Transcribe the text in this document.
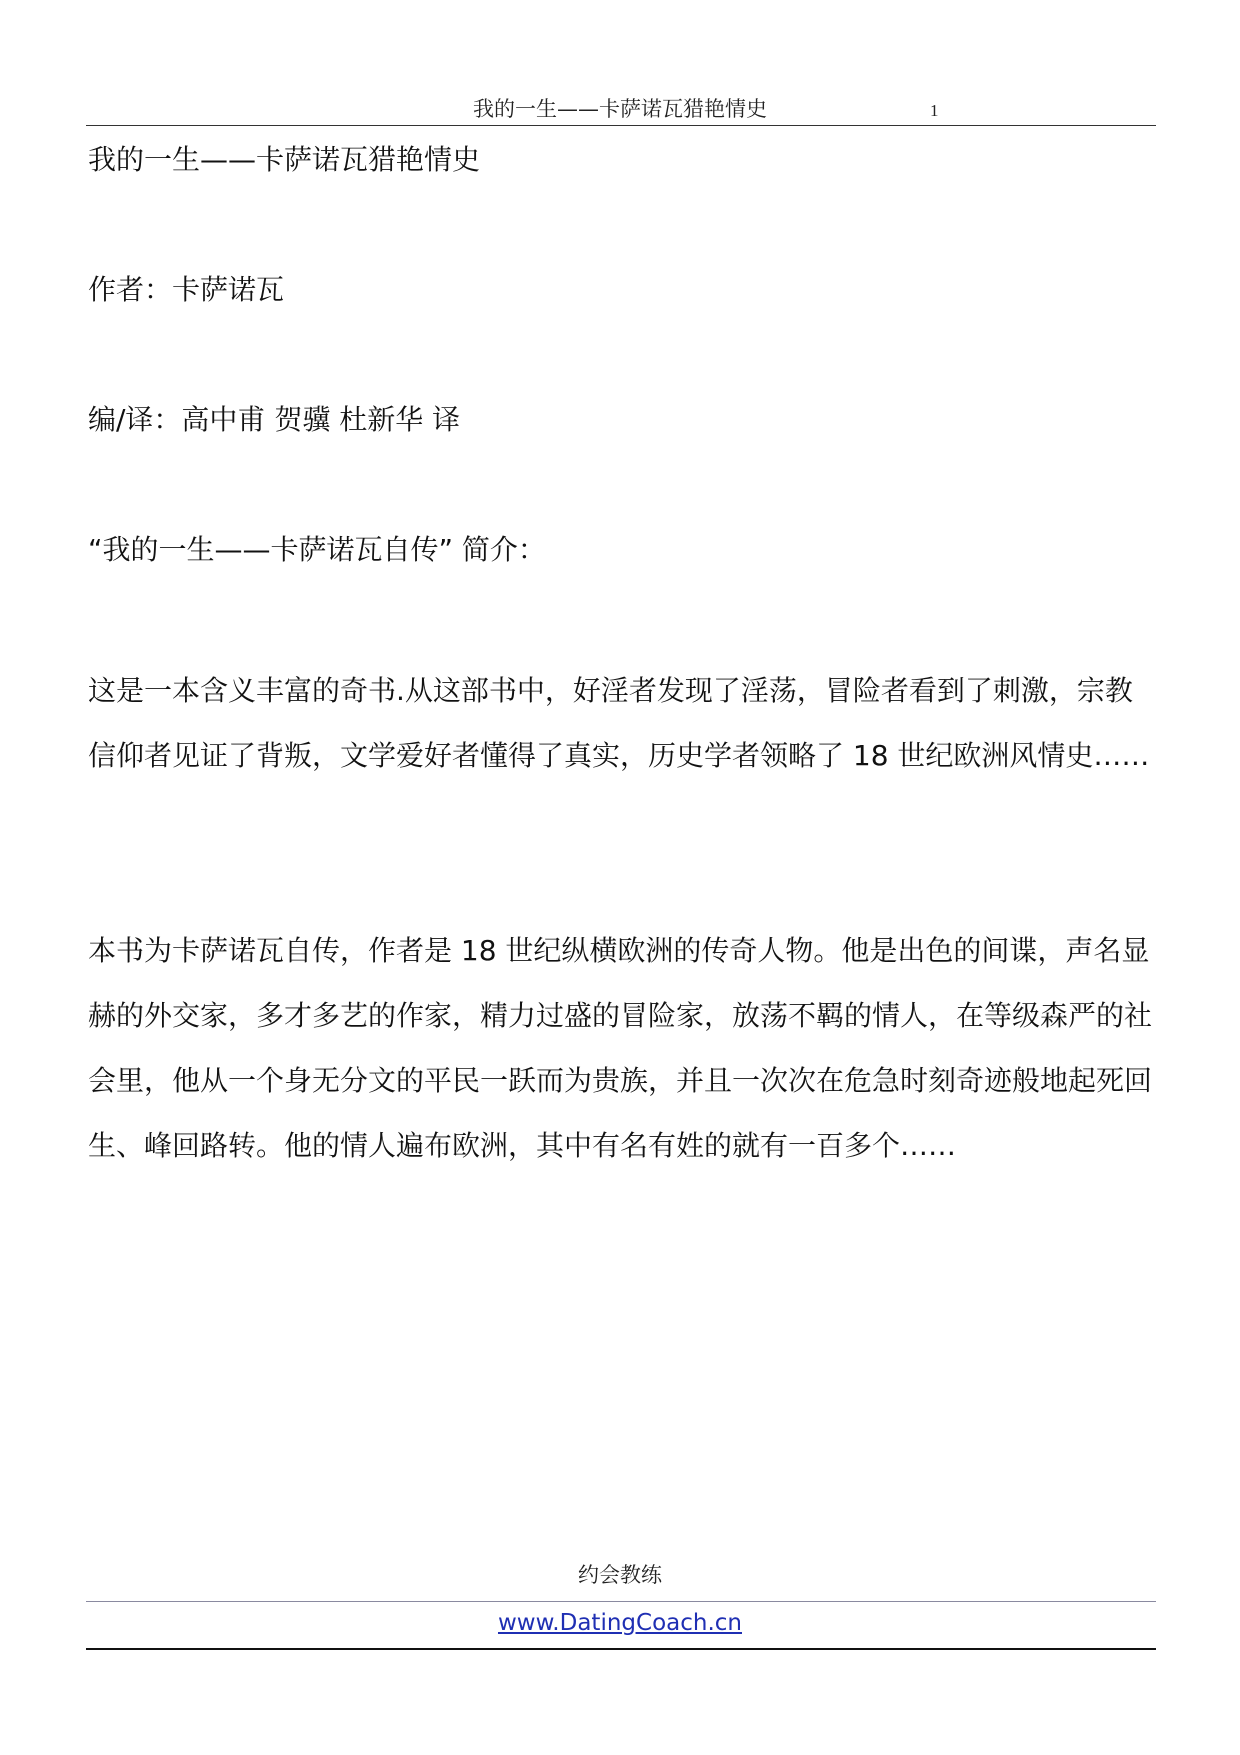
我的一生——卡萨诺瓦猎艳情史	1

我的一生——卡萨诺瓦猎艳情史

作者：卡萨诺瓦

编/译：高中甫 贺骥 杜新华 译

“我的一生——卡萨诺瓦自传” 简介：

这是一本含义丰富的奇书.从这部书中，好淫者发现了淫荡，冒险者看到了刺激，宗教信仰者见证了背叛，文学爱好者懂得了真实，历史学者领略了 18 世纪欧洲风情史……

本书为卡萨诺瓦自传，作者是 18 世纪纵横欧洲的传奇人物。他是出色的间谍，声名显赫的外交家，多才多艺的作家，精力过盛的冒险家，放荡不羁的情人，在等级森严的社会里，他从一个身无分文的平民一跃而为贵族，并且一次次在危急时刻奇迹般地起死回生、峰回路转。他的情人遍布欧洲，其中有名有姓的就有一百多个……

约会教练
www.DatingCoach.cn
